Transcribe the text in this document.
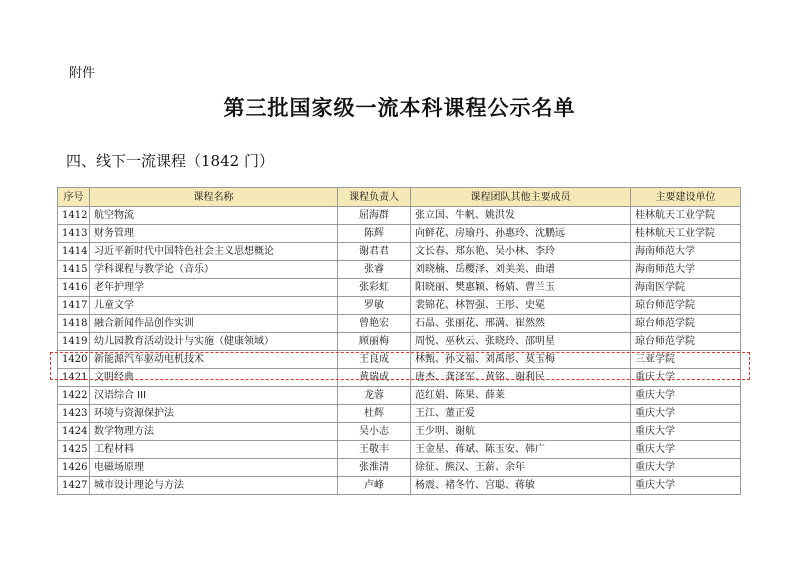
附件
第三批国家级一流本科课程公示名单
四、线下一流课程（1842 门）
序号	课程名称	课程负责人	课程团队其他主要成员	主要建设单位
1412	航空物流	屈海群	张立国、牛帆、姚洪发	桂林航天工业学院
1413	财务管理	陈辉	向鲜花、房瑜丹、孙惠玲、沈鹏远	桂林航天工业学院
1414	习近平新时代中国特色社会主义思想概论	谢君君	文长春、郑东艳、吴小林、李玲	海南师范大学
1415	学科课程与教学论（音乐）	张睿	刘晓楠、岳樱泽、刘美美、曲谱	海南师范大学
1416	老年护理学	张彩虹	阳晓丽、樊惠颖、杨婧、曹兰玉	海南医学院
1417	儿童文学	罗敏	裴锦花、林智强、王彤、史冕	琼台师范学院
1418	融合新闻作品创作实训	曾艳宏	石晶、张丽花、邢满、崔然然	琼台师范学院
1419	幼儿园教育活动设计与实施（健康领域）	顾丽梅	周悦、巫秋云、张晓玲、邵明星	琼台师范学院
1420	新能源汽车驱动电机技术	王良成	林甄、孙文福、刘禹彤、莫玉梅	三亚学院
1421	文明经典	黄瑞成	唐杰、龚泽军、黄铭、谢利民	重庆大学
1422	汉语综合 III	龙蓉	范红娟、陈果、薛莱	重庆大学
1423	环境与资源保护法	杜辉	王江、董正爱	重庆大学
1424	数学物理方法	吴小志	王少明、谢航	重庆大学
1425	工程材料	王敬丰	王金星、蒋斌、陈玉安、韩广	重庆大学
1426	电磁场原理	张淮清	徐征、熊汉、王薪、余年	重庆大学
1427	城市设计理论与方法	卢峰	杨震、褚冬竹、宫聪、蒋敏	重庆大学
